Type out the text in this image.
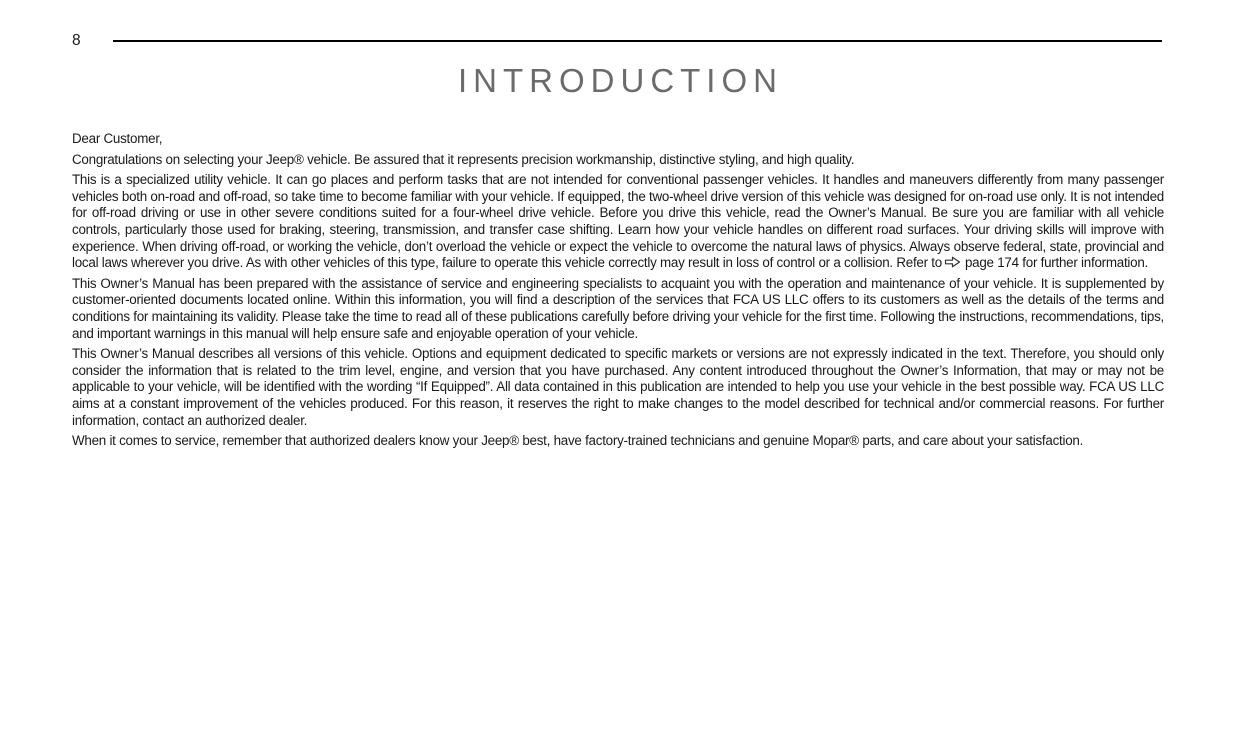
8
INTRODUCTION

Dear Customer,

Congratulations on selecting your Jeep® vehicle. Be assured that it represents precision workmanship, distinctive styling, and high quality.

This is a specialized utility vehicle. It can go places and perform tasks that are not intended for conventional passenger vehicles. It handles and maneuvers differently from many passenger vehicles both on-road and off-road, so take time to become familiar with your vehicle. If equipped, the two-wheel drive version of this vehicle was designed for on-road use only. It is not intended for off-road driving or use in other severe conditions suited for a four-wheel drive vehicle. Before you drive this vehicle, read the Owner’s Manual. Be sure you are familiar with all vehicle controls, particularly those used for braking, steering, transmission, and transfer case shifting. Learn how your vehicle handles on different road surfaces. Your driving skills will improve with experience. When driving off-road, or working the vehicle, don’t overload the vehicle or expect the vehicle to overcome the natural laws of physics. Always observe federal, state, provincial and local laws wherever you drive. As with other vehicles of this type, failure to operate this vehicle correctly may result in loss of control or a collision. Refer to page 174 for further information.

This Owner’s Manual has been prepared with the assistance of service and engineering specialists to acquaint you with the operation and maintenance of your vehicle. It is supplemented by customer-oriented documents located online. Within this information, you will find a description of the services that FCA US LLC offers to its customers as well as the details of the terms and conditions for maintaining its validity. Please take the time to read all of these publications carefully before driving your vehicle for the first time. Following the instructions, recommendations, tips, and important warnings in this manual will help ensure safe and enjoyable operation of your vehicle.

This Owner’s Manual describes all versions of this vehicle. Options and equipment dedicated to specific markets or versions are not expressly indicated in the text. Therefore, you should only consider the information that is related to the trim level, engine, and version that you have purchased. Any content introduced throughout the Owner’s Information, that may or may not be applicable to your vehicle, will be identified with the wording “If Equipped”. All data contained in this publication are intended to help you use your vehicle in the best possible way. FCA US LLC aims at a constant improvement of the vehicles produced. For this reason, it reserves the right to make changes to the model described for technical and/or commercial reasons. For further information, contact an authorized dealer.

When it comes to service, remember that authorized dealers know your Jeep® best, have factory-trained technicians and genuine Mopar® parts, and care about your satisfaction.
